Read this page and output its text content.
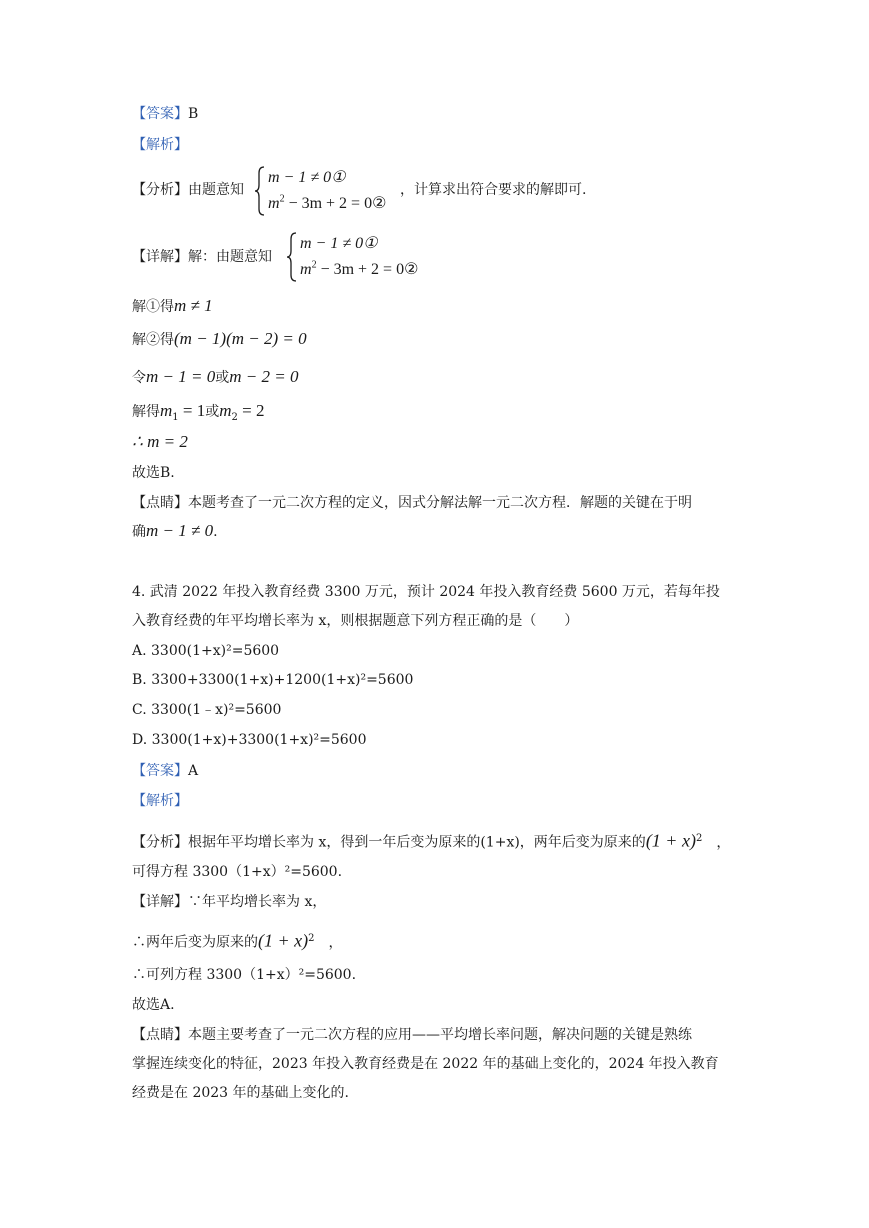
【答案】B
【解析】
【分析】由题意知
m − 1 ≠ 0①
$m^2 - 3m + 2$ = 0②
，计算求出符合要求的解即可.
【详解】解：由题意知
m − 1 ≠ 0①
$m^2 - 3m + 2$ = 0②
解①得m ≠ 1
解②得(m − 1)(m − 2) = 0
令m − 1 = 0或m − 2 = 0
解得$m_1 = 1$或$m_2 = 2$
∴ m = 2
故选B.
【点睛】本题考查了一元二次方程的定义，因式分解法解一元二次方程．解题的关键在于明
确m − 1 ≠ 0.
4. 武清 2022 年投入教育经费 3300 万元，预计 2024 年投入教育经费 5600 万元，若每年投
入教育经费的年平均增长率为 x，则根据题意下列方程正确的是（　　）
A. 3300(1+x)²=5600
B. 3300+3300(1+x)+1200(1+x)²=5600
C. 3300(1﹣x)²=5600
D. 3300(1+x)+3300(1+x)²=5600
【答案】A
【解析】
【分析】根据年平均增长率为 x，得到一年后变为原来的(1+x)，两年后变为原来的$(1 + x)^2$ ，
可得方程 3300（1+x）²=5600.
【详解】∵年平均增长率为 x，
∴两年后变为原来的$(1 + x)^2$ ，
∴可列方程 3300（1+x）²=5600.
故选A.
【点睛】本题主要考查了一元二次方程的应用——平均增长率问题，解决问题的关键是熟练
掌握连续变化的特征，2023 年投入教育经费是在 2022 年的基础上变化的，2024 年投入教育
经费是在 2023 年的基础上变化的.
